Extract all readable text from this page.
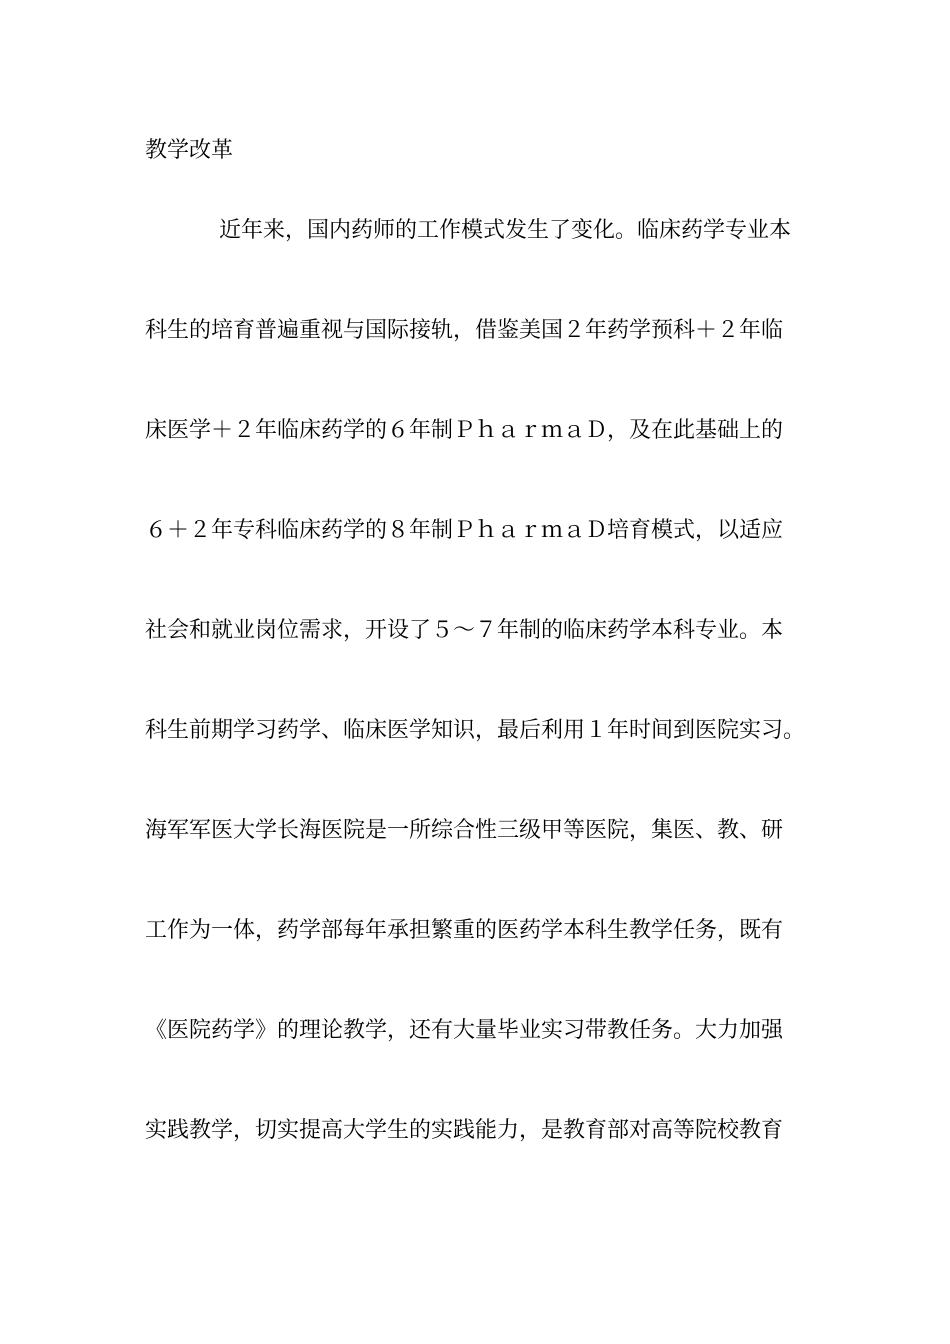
教学改革
近年来，国内药师的工作模式发生了变化。临床药学专业本
科生的培育普遍重视与国际接轨，借鉴美国２年药学预科＋２年临
床医学＋２年临床药学的６年制ＰｈａｒｍａＤ，及在此基础上的
６＋２年专科临床药学的８年制ＰｈａｒｍａＤ培育模式，以适应
社会和就业岗位需求，开设了５～７年制的临床药学本科专业。本
科生前期学习药学、临床医学知识，最后利用１年时间到医院实习。
海军军医大学长海医院是一所综合性三级甲等医院，集医、教、研
工作为一体，药学部每年承担繁重的医药学本科生教学任务，既有
《医院药学》的理论教学，还有大量毕业实习带教任务。大力加强
实践教学，切实提高大学生的实践能力，是教育部对高等院校教育
